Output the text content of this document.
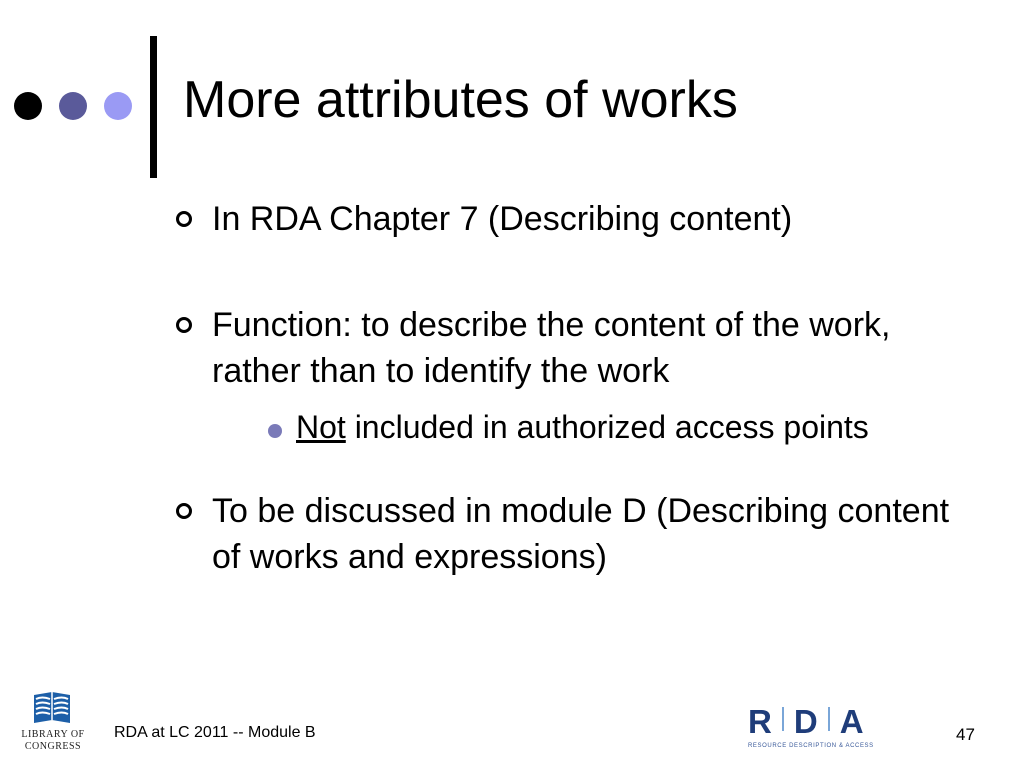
More attributes of works
In RDA Chapter 7 (Describing content)
Function: to describe the content of the work, rather than to identify the work
Not included in authorized access points
To be discussed in module D (Describing content of works and expressions)
LIBRARY OF
CONGRESS
RDA at LC 2011 -- Module B	R D A
RESOURCE DESCRIPTION & ACCESS
47
